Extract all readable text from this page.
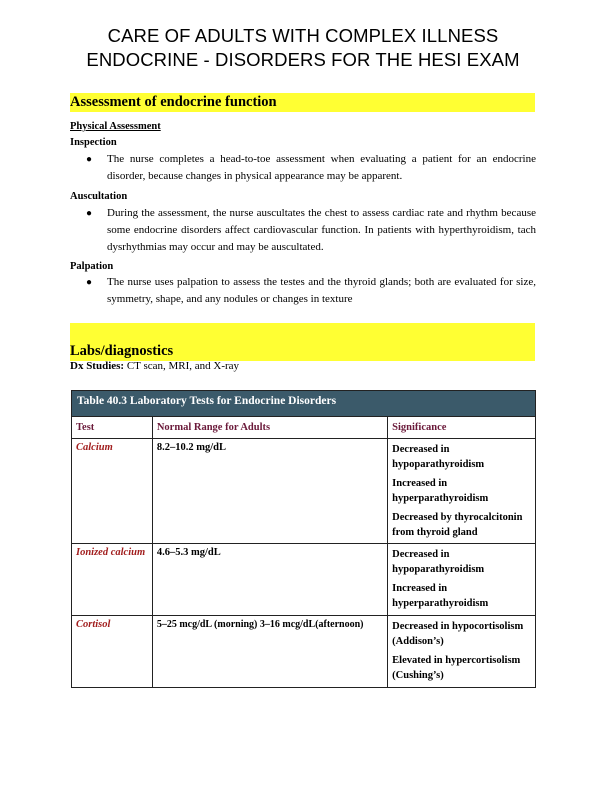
CARE OF ADULTS WITH COMPLEX ILLNESS
ENDOCRINE - DISORDERS FOR THE HESI EXAM
Assessment of endocrine function
Physical Assessment
Inspection
● The nurse completes a head-to-toe assessment when evaluating a patient for an endocrine disorder, because changes in physical appearance may be apparent.
Auscultation
● During the assessment, the nurse auscultates the chest to assess cardiac rate and rhythm because some endocrine disorders affect cardiovascular function. In patients with hyperthyroidism, tach dysrhythmias may occur and may be auscultated.
Palpation
● The nurse uses palpation to assess the testes and the thyroid glands; both are evaluated for size, symmetry, shape, and any nodules or changes in texture
Labs/diagnostics
Dx Studies: CT scan, MRI, and X-ray
Table 40.3 Laboratory Tests for Endocrine Disorders		
Test	Normal Range for Adults	Significance
Calcium	8.2–10.2 mg/dL	Decreased in hypoparathyroidism
Increased in hyperparathyroidism
Decreased by thyrocalcitonin from thyroid gland

Ionized calcium	4.6–5.3 mg/dL	Decreased in hypoparathyroidism
Increased in hyperparathyroidism

Cortisol	5–25 mcg/dL (morning) 3–16 mcg/dL(afternoon)	Decreased in hypocortisolism (Addison’s)
Elevated in hypercortisolism (Cushing’s)
